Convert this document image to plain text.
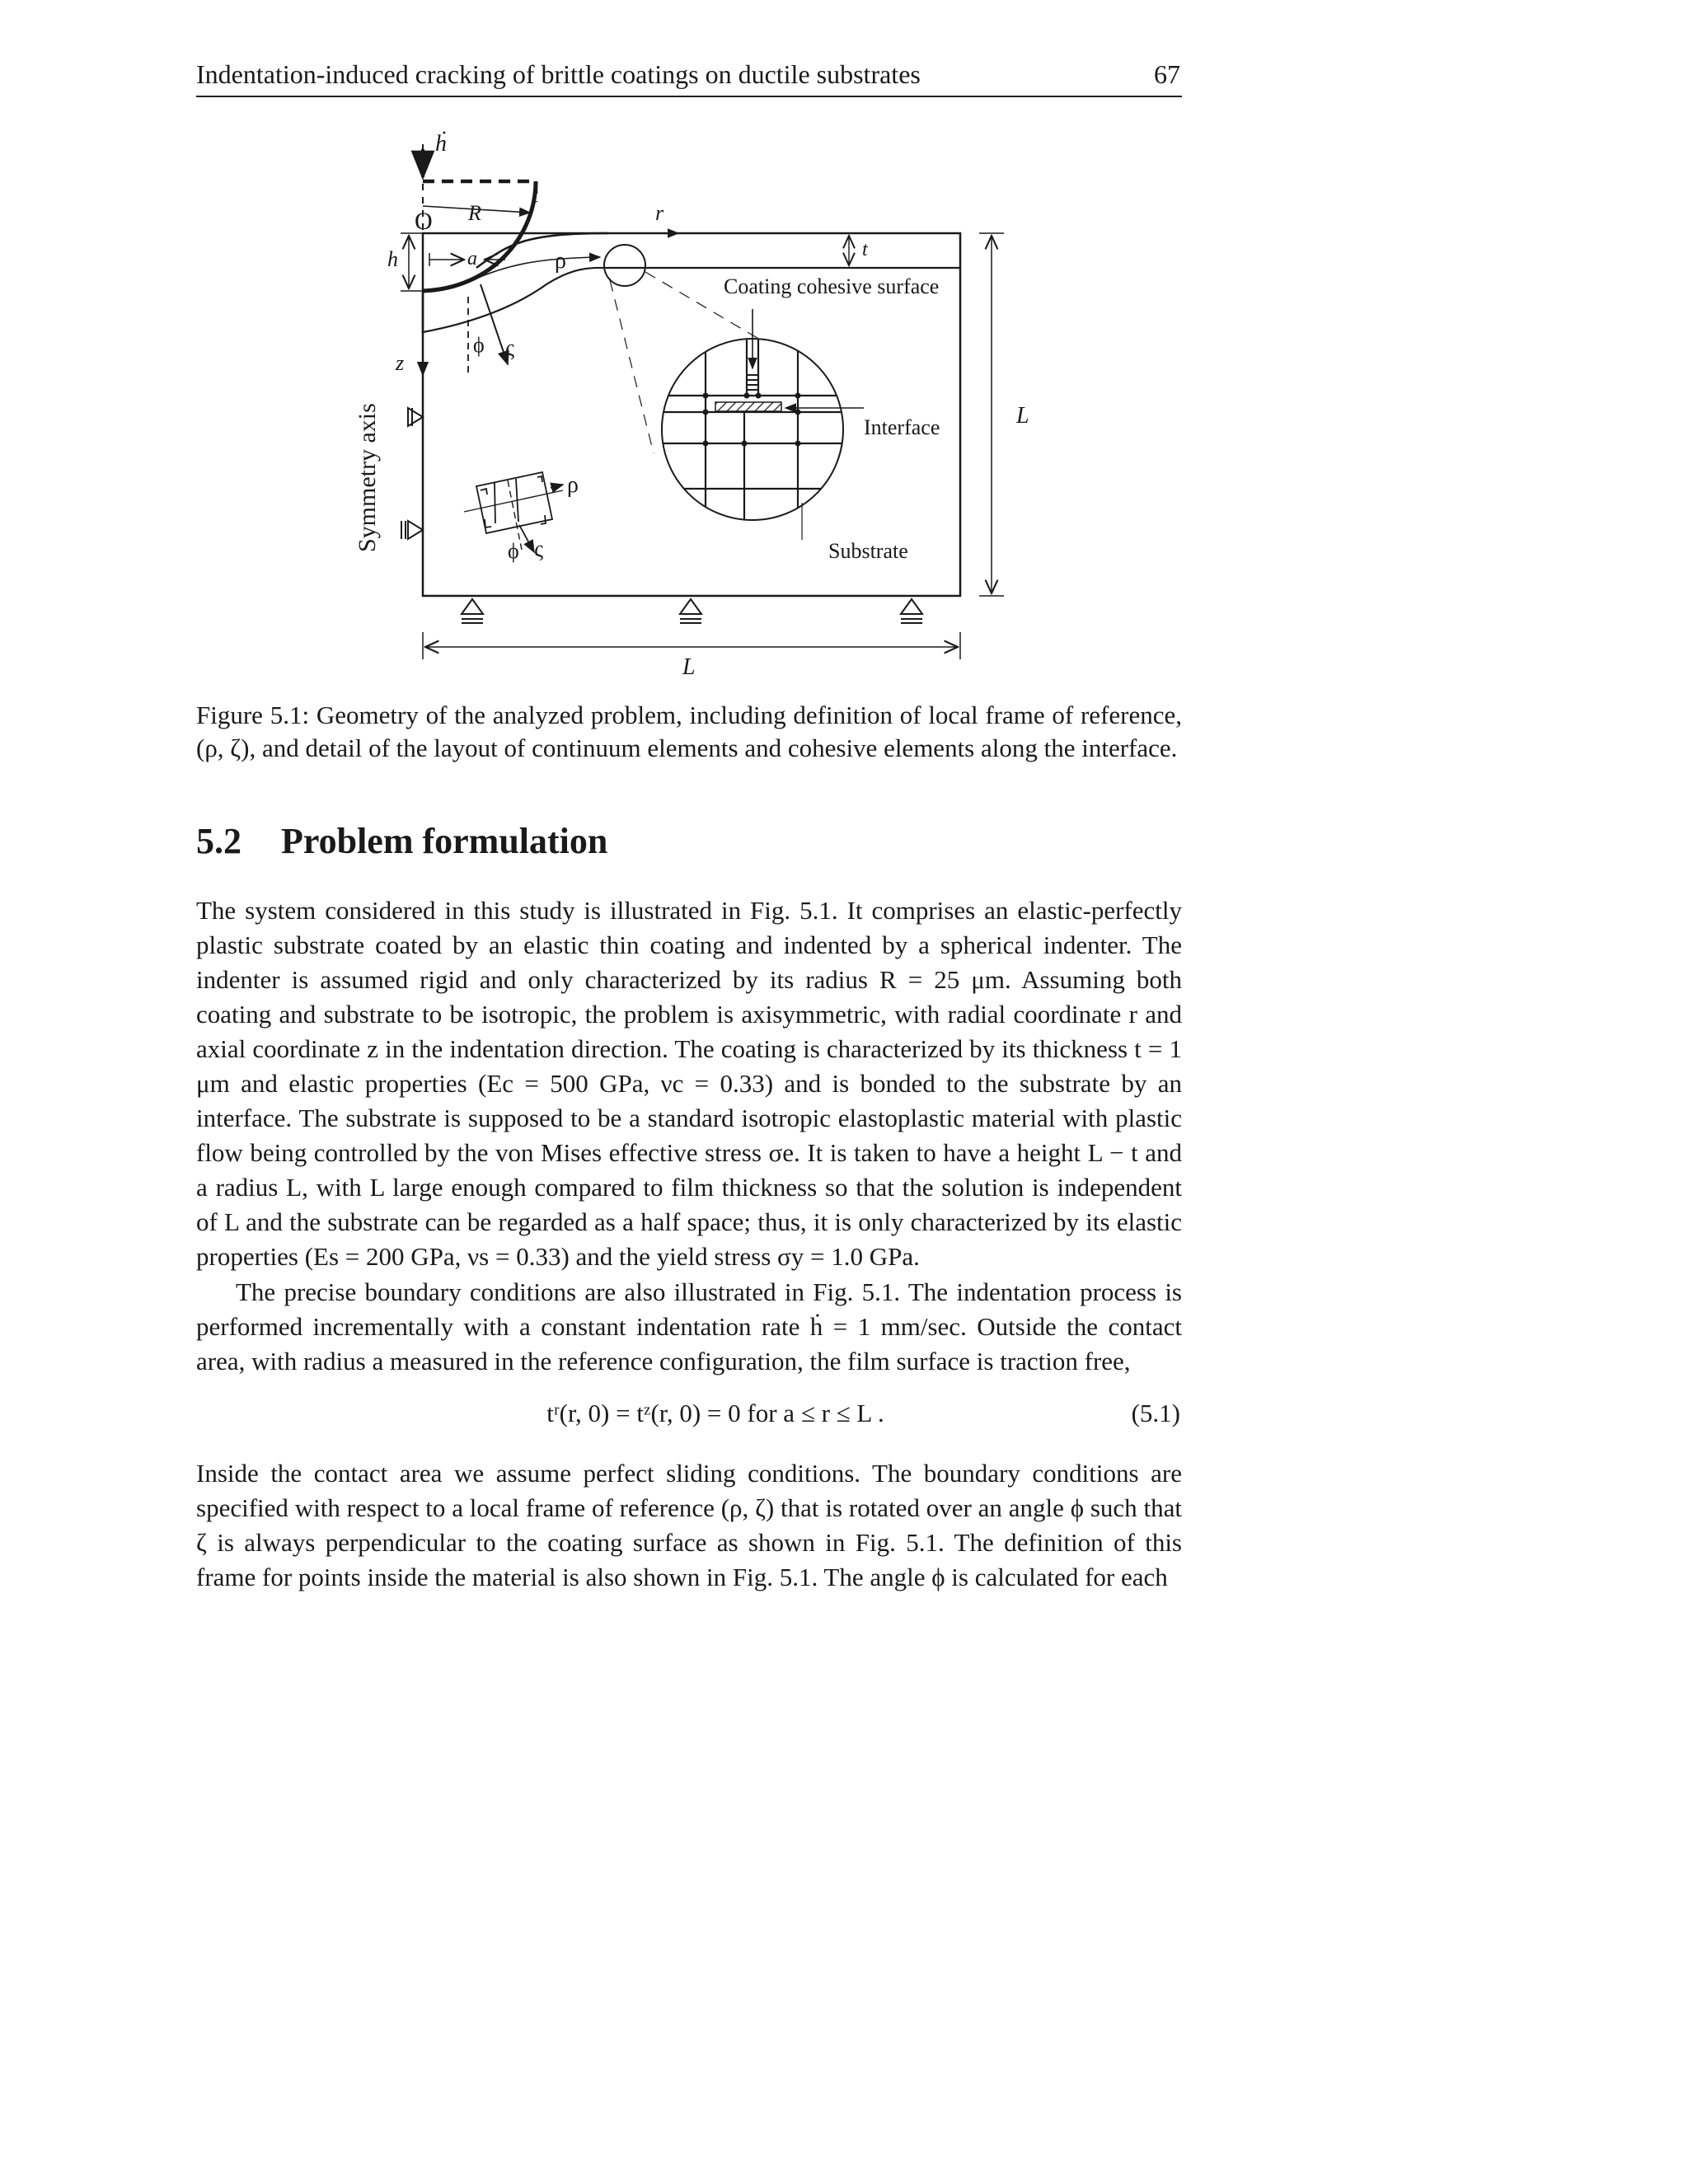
Indentation-induced cracking of brittle coatings on ductile substrates	67
ḣ
O R	r
t
h	a	ρ
ϕ ς
z
Symmetry axis
Coating cohesive surface
Interface
Substrate
L
L
ρ
ϕ ς
Figure 5.1: Geometry of the analyzed problem, including definition of local frame of reference, (ρ, ζ), and detail of the layout of continuum elements and cohesive elements along the interface.
5.2 Problem formulation

The system considered in this study is illustrated in Fig. 5.1. It comprises an elastic-perfectly plastic substrate coated by an elastic thin coating and indented by a spherical indenter. The indenter is assumed rigid and only characterized by its radius R = 25 μm. Assuming both coating and substrate to be isotropic, the problem is axisymmetric, with radial coordinate r and axial coordinate z in the indentation direction. The coating is characterized by its thickness t = 1 μm and elastic properties (Ec = 500 GPa, νc = 0.33) and is bonded to the substrate by an interface. The substrate is supposed to be a standard isotropic elastoplastic material with plastic flow being controlled by the von Mises effective stress σe. It is taken to have a height L − t and a radius L, with L large enough compared to film thickness so that the solution is independent of L and the substrate can be regarded as a half space; thus, it is only characterized by its elastic properties (Es = 200 GPa, νs = 0.33) and the yield stress σy = 1.0 GPa.

The precise boundary conditions are also illustrated in Fig. 5.1. The indentation process is performed incrementally with a constant indentation rate ḣ = 1 mm/sec. Outside the contact area, with radius a measured in the reference configuration, the film surface is traction free,

tʳ(r, 0) = tᶻ(r, 0) = 0 for a ≤ r ≤ L .	(5.1)

Inside the contact area we assume perfect sliding conditions. The boundary conditions are specified with respect to a local frame of reference (ρ, ζ) that is rotated over an angle ϕ such that ζ is always perpendicular to the coating surface as shown in Fig. 5.1. The definition of this frame for points inside the material is also shown in Fig. 5.1. The angle ϕ is calculated for each
